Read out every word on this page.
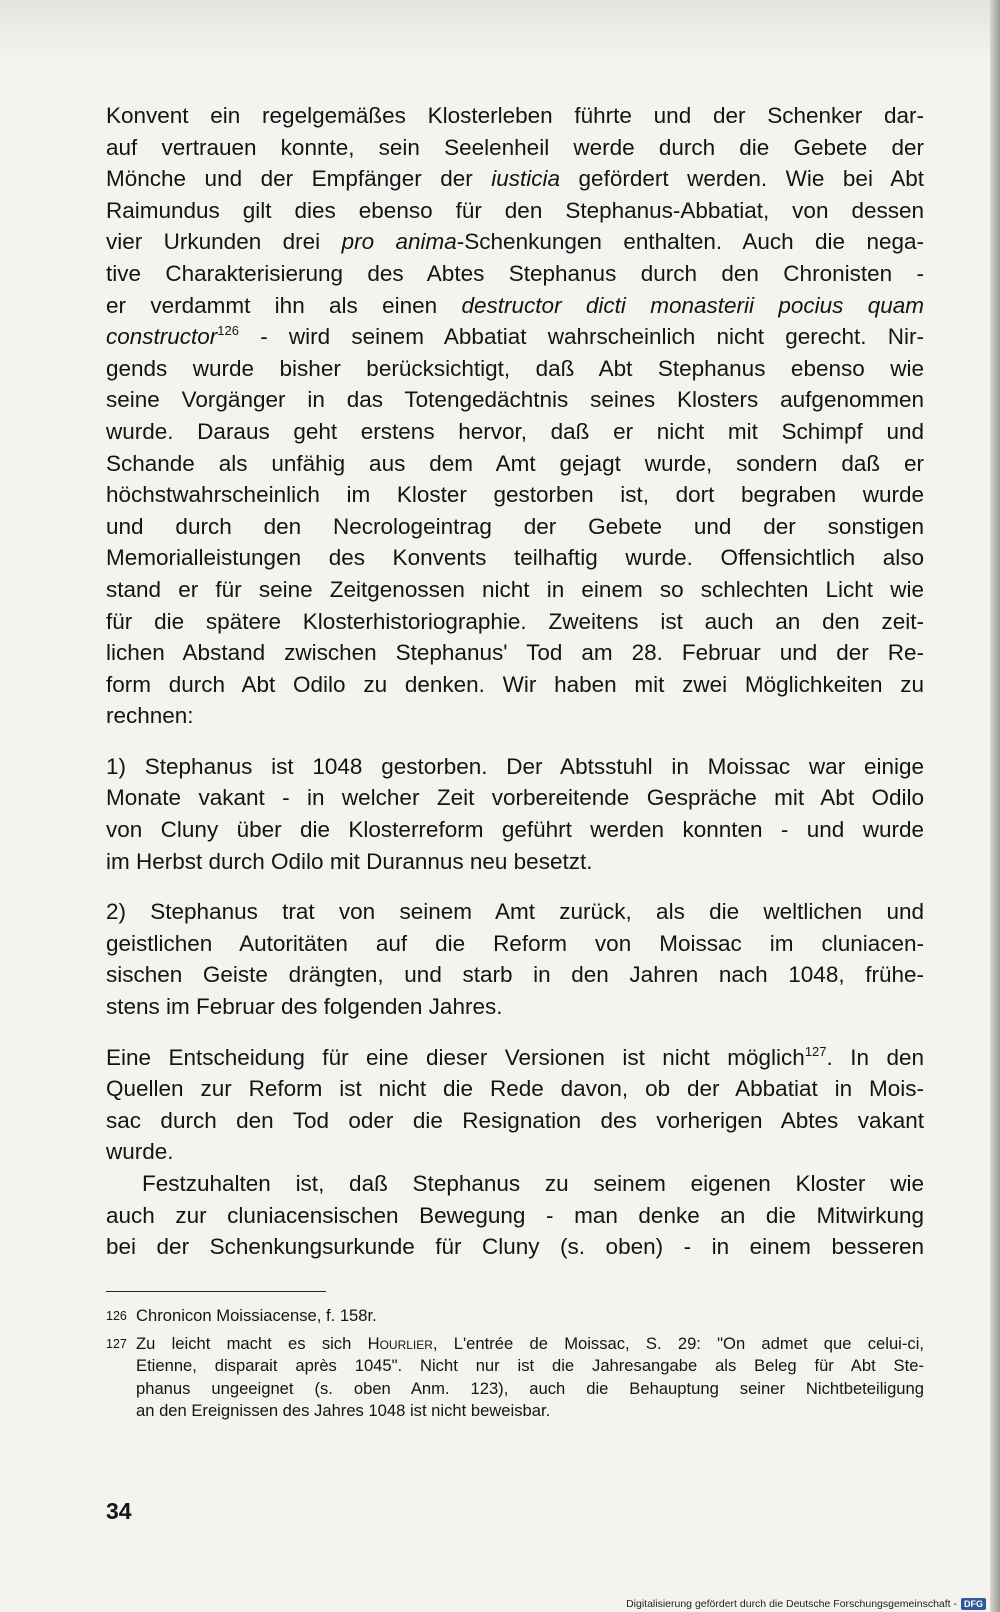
Konvent ein regelgemäßes Klosterleben führte und der Schenker dar-
auf vertrauen konnte, sein Seelenheil werde durch die Gebete der
Mönche und der Empfänger der iusticia gefördert werden. Wie bei Abt
Raimundus gilt dies ebenso für den Stephanus-Abbatiat, von dessen
vier Urkunden drei pro anima-Schenkungen enthalten. Auch die nega-
tive Charakterisierung des Abtes Stephanus durch den Chronisten -
er verdammt ihn als einen destructor dicti monasterii pocius quam
constructor$^{126}$ - wird seinem Abbatiat wahrscheinlich nicht gerecht. Nir-
gends wurde bisher berücksichtigt, daß Abt Stephanus ebenso wie
seine Vorgänger in das Totengedächtnis seines Klosters aufgenommen
wurde. Daraus geht erstens hervor, daß er nicht mit Schimpf und
Schande als unfähig aus dem Amt gejagt wurde, sondern daß er
höchstwahrscheinlich im Kloster gestorben ist, dort begraben wurde
und durch den Necrologeintrag der Gebete und der sonstigen
Memorialleistungen des Konvents teilhaftig wurde. Offensichtlich also
stand er für seine Zeitgenossen nicht in einem so schlechten Licht wie
für die spätere Klosterhistoriographie. Zweitens ist auch an den zeit-
lichen Abstand zwischen Stephanus' Tod am 28. Februar und der Re-
form durch Abt Odilo zu denken. Wir haben mit zwei Möglichkeiten zu
rechnen:
1) Stephanus ist 1048 gestorben. Der Abtsstuhl in Moissac war einige
Monate vakant - in welcher Zeit vorbereitende Gespräche mit Abt Odilo
von Cluny über die Klosterreform geführt werden konnten - und wurde
im Herbst durch Odilo mit Durannus neu besetzt.
2) Stephanus trat von seinem Amt zurück, als die weltlichen und
geistlichen Autoritäten auf die Reform von Moissac im cluniacen-
sischen Geiste drängten, und starb in den Jahren nach 1048, frühe-
stens im Februar des folgenden Jahres.
Eine Entscheidung für eine dieser Versionen ist nicht möglich$^{127}$. In den
Quellen zur Reform ist nicht die Rede davon, ob der Abbatiat in Mois-
sac durch den Tod oder die Resignation des vorherigen Abtes vakant
wurde.
Festzuhalten ist, daß Stephanus zu seinem eigenen Kloster wie
auch zur cluniacensischen Bewegung - man denke an die Mitwirkung
bei der Schenkungsurkunde für Cluny (s. oben) - in einem besseren
126 Chronicon Moissiacense, f. 158r.
127 Zu leicht macht es sich Hourlier, L'entrée de Moissac, S. 29: "On admet que celui-ci,
Etienne, disparait après 1045". Nicht nur ist die Jahresangabe als Beleg für Abt Ste-
phanus ungeeignet (s. oben Anm. 123), auch die Behauptung seiner Nichtbeteiligung
an den Ereignissen des Jahres 1048 ist nicht beweisbar.
34
Digitalisierung gefördert durch die Deutsche Forschungsgemeinschaft - DFG
